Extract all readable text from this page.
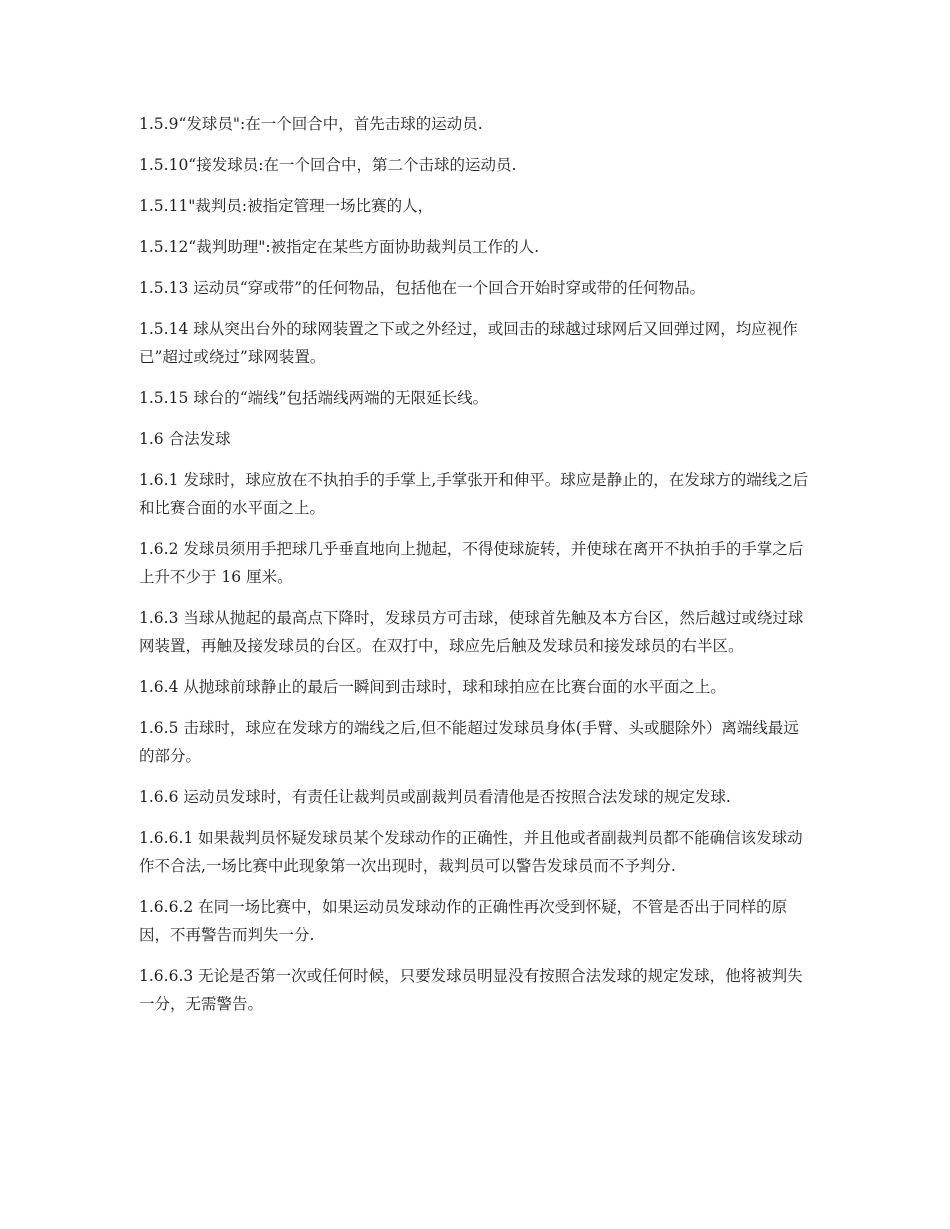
1.5.9“发球员":在一个回合中，首先击球的运动员.

1.5.10“接发球员:在一个回合中，第二个击球的运动员.

1.5.11"裁判员:被指定管理一场比赛的人，

1.5.12“裁判助理":被指定在某些方面协助裁判员工作的人.

1.5.13 运动员“穿或带”的任何物品，包括他在一个回合开始时穿或带的任何物品。

1.5.14 球从突出台外的球网装置之下或之外经过，或回击的球越过球网后又回弹过网，均应视作已”超过或绕过”球网装置。

1.5.15 球台的“端线”包括端线两端的无限延长线。

1.6 合法发球

1.6.1 发球时，球应放在不执拍手的手掌上,手掌张开和伸平。球应是静止的，在发球方的端线之后和比赛合面的水平面之上。

1.6.2 发球员须用手把球几乎垂直地向上抛起，不得使球旋转，并使球在离开不执拍手的手掌之后上升不少于 16 厘米。

1.6.3 当球从抛起的最高点下降时，发球员方可击球，使球首先触及本方台区，然后越过或绕过球网装置，再触及接发球员的台区。在双打中，球应先后触及发球员和接发球员的右半区。

1.6.4 从抛球前球静止的最后一瞬间到击球时，球和球拍应在比赛台面的水平面之上。

1.6.5 击球时，球应在发球方的端线之后,但不能超过发球员身体(手臂、头或腿除外）离端线最远的部分。

1.6.6 运动员发球时，有责任让裁判员或副裁判员看清他是否按照合法发球的规定发球.

1.6.6.1 如果裁判员怀疑发球员某个发球动作的正确性，并且他或者副裁判员都不能确信该发球动作不合法,一场比赛中此现象第一次出现时，裁判员可以警告发球员而不予判分.

1.6.6.2 在同一场比赛中，如果运动员发球动作的正确性再次受到怀疑，不管是否出于同样的原因，不再警告而判失一分.

1.6.6.3 无论是否第一次或任何时候，只要发球员明显没有按照合法发球的规定发球，他将被判失一分，无需警告。
